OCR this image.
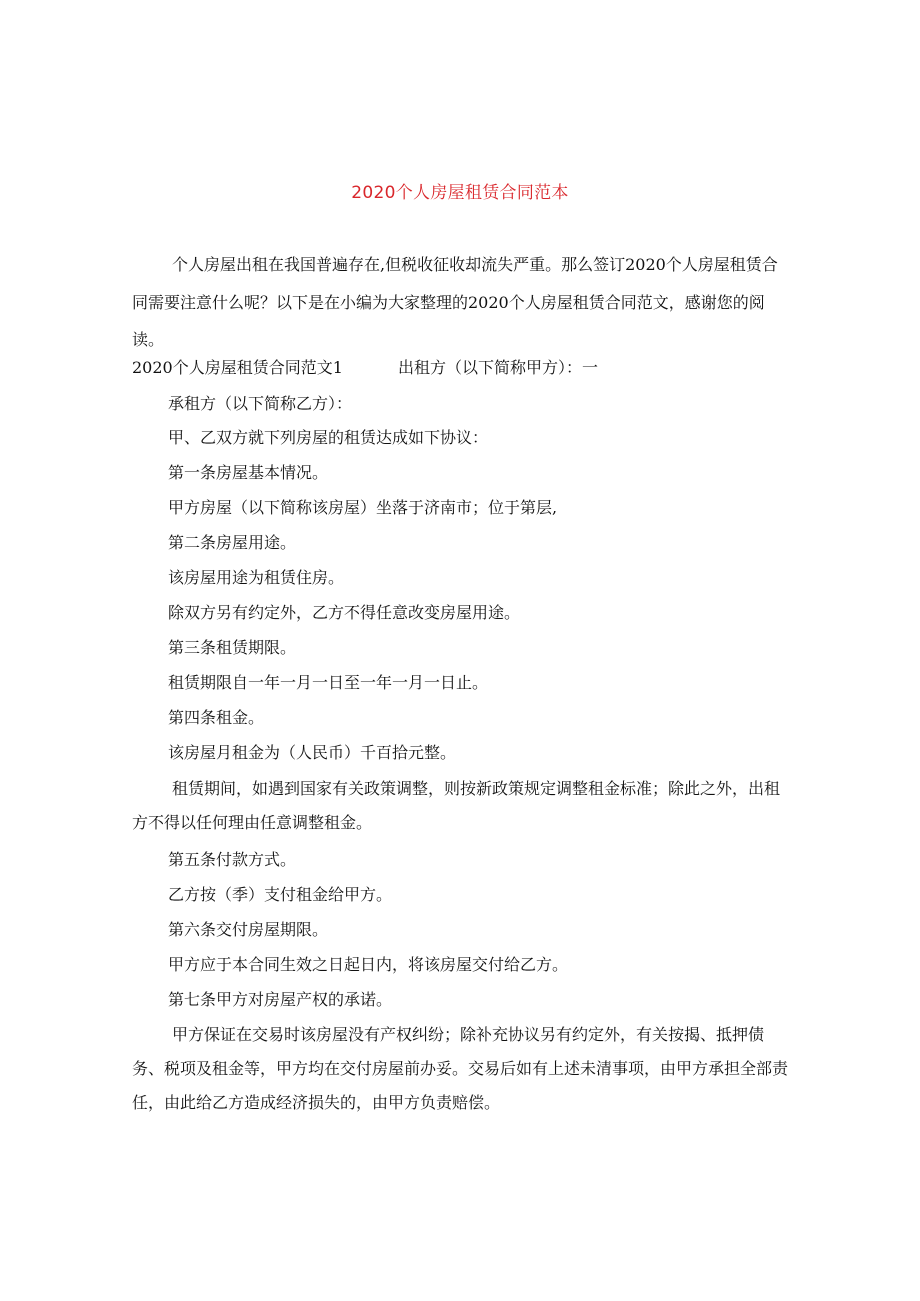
2020个人房屋租赁合同范本
个人房屋出租在我国普遍存在,但税收征收却流失严重。那么签订2020个人房屋租赁合同需要注意什么呢？以下是在小编为大家整理的2020个人房屋租赁合同范文，感谢您的阅读。
2020个人房屋租赁合同范文1	出租方（以下简称甲方）：一
承租方（以下简称乙方）：
甲、乙双方就下列房屋的租赁达成如下协议：
第一条房屋基本情况。
甲方房屋（以下简称该房屋）坐落于济南市；位于第层,
第二条房屋用途。
该房屋用途为租赁住房。
除双方另有约定外，乙方不得任意改变房屋用途。
第三条租赁期限。
租赁期限自一年一月一日至一年一月一日止。
第四条租金。
该房屋月租金为（人民币）千百拾元整。
租赁期间，如遇到国家有关政策调整，则按新政策规定调整租金标准；除此之外，出租方不得以任何理由任意调整租金。
第五条付款方式。
乙方按（季）支付租金给甲方。
第六条交付房屋期限。
甲方应于本合同生效之日起日内，将该房屋交付给乙方。
第七条甲方对房屋产权的承诺。
甲方保证在交易时该房屋没有产权纠纷；除补充协议另有约定外，有关按揭、抵押债务、税项及租金等，甲方均在交付房屋前办妥。交易后如有上述未清事项，由甲方承担全部责任，由此给乙方造成经济损失的，由甲方负责赔偿。
